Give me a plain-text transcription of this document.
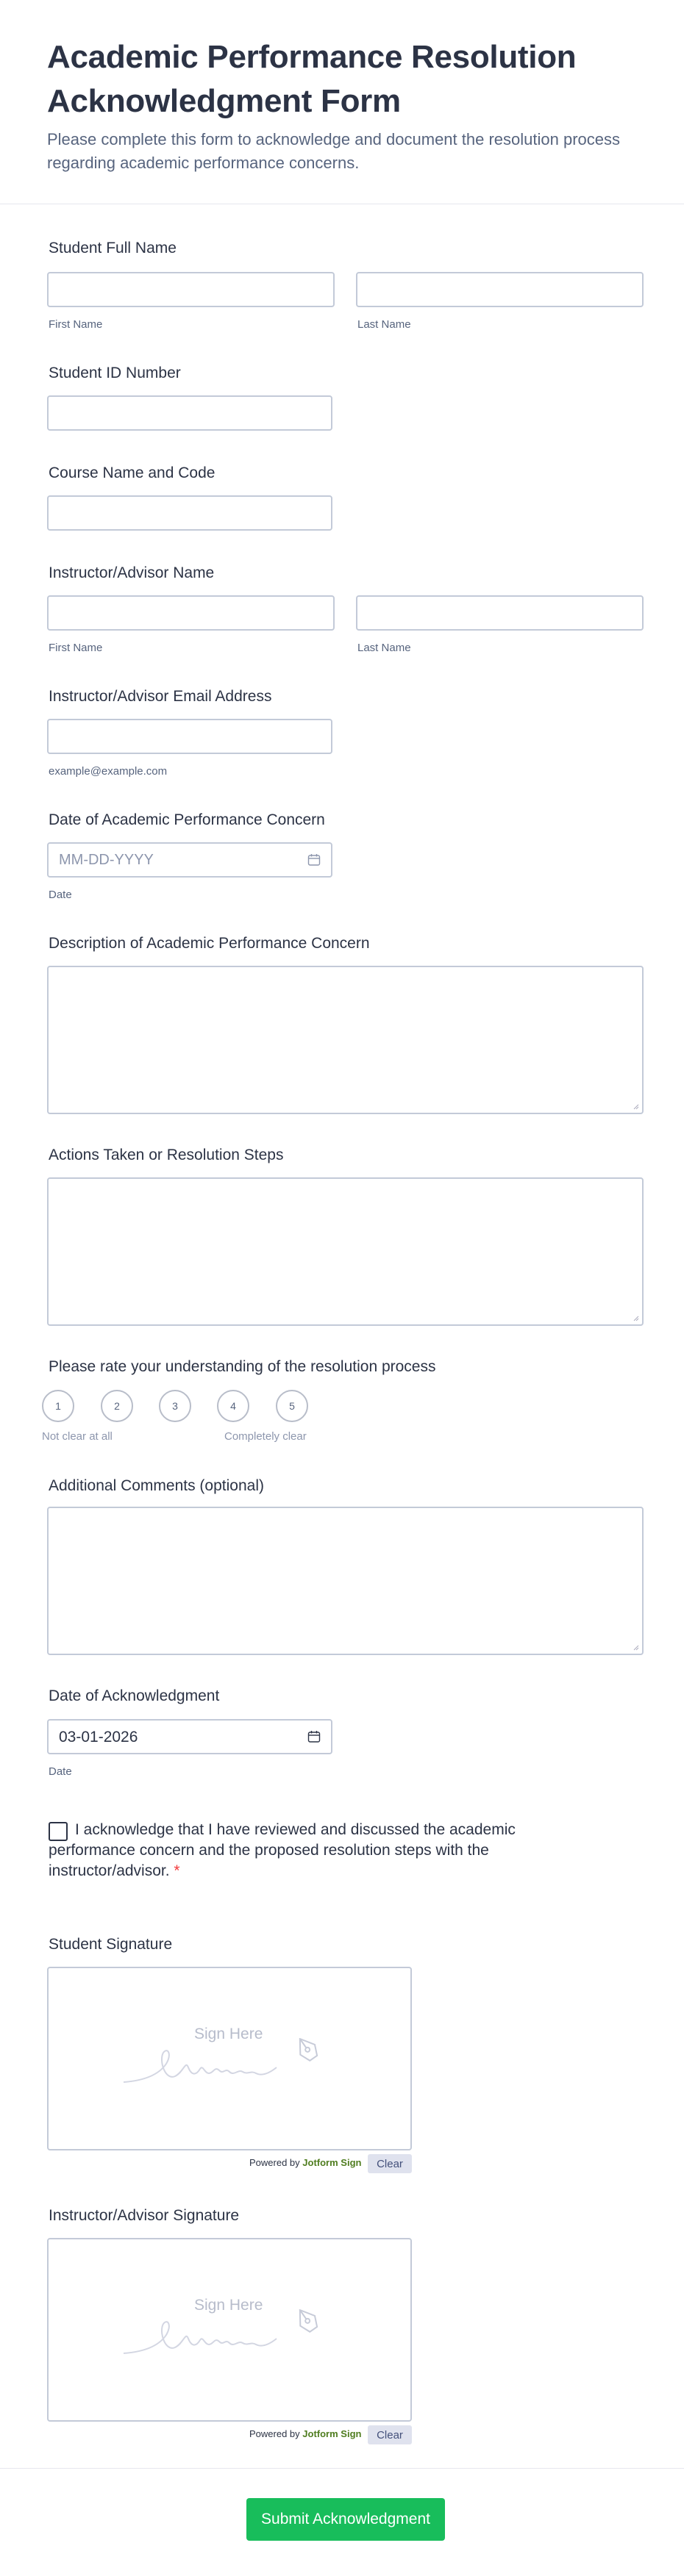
Academic Performance Resolution Acknowledgment Form
Please complete this form to acknowledge and document the resolution process regarding academic performance concerns.
Student Full Name
First Name	Last Name
Student ID Number
Course Name and Code
Instructor/Advisor Name
First Name	Last Name
Instructor/Advisor Email Address
example@example.com
Date of Academic Performance Concern
MM-DD-YYYY
Date
Description of Academic Performance Concern
Actions Taken or Resolution Steps
Please rate your understanding of the resolution process
1	2	3	4	5
Not clear at all	Completely clear
Additional Comments (optional)
Date of Acknowledgment
03-01-2026
Date
I acknowledge that I have reviewed and discussed the academic performance concern and the proposed resolution steps with the instructor/advisor. *
Student Signature
Sign Here
Powered by Jotform Sign	Clear
Instructor/Advisor Signature
Sign Here
Powered by Jotform Sign	Clear
Submit Acknowledgment
